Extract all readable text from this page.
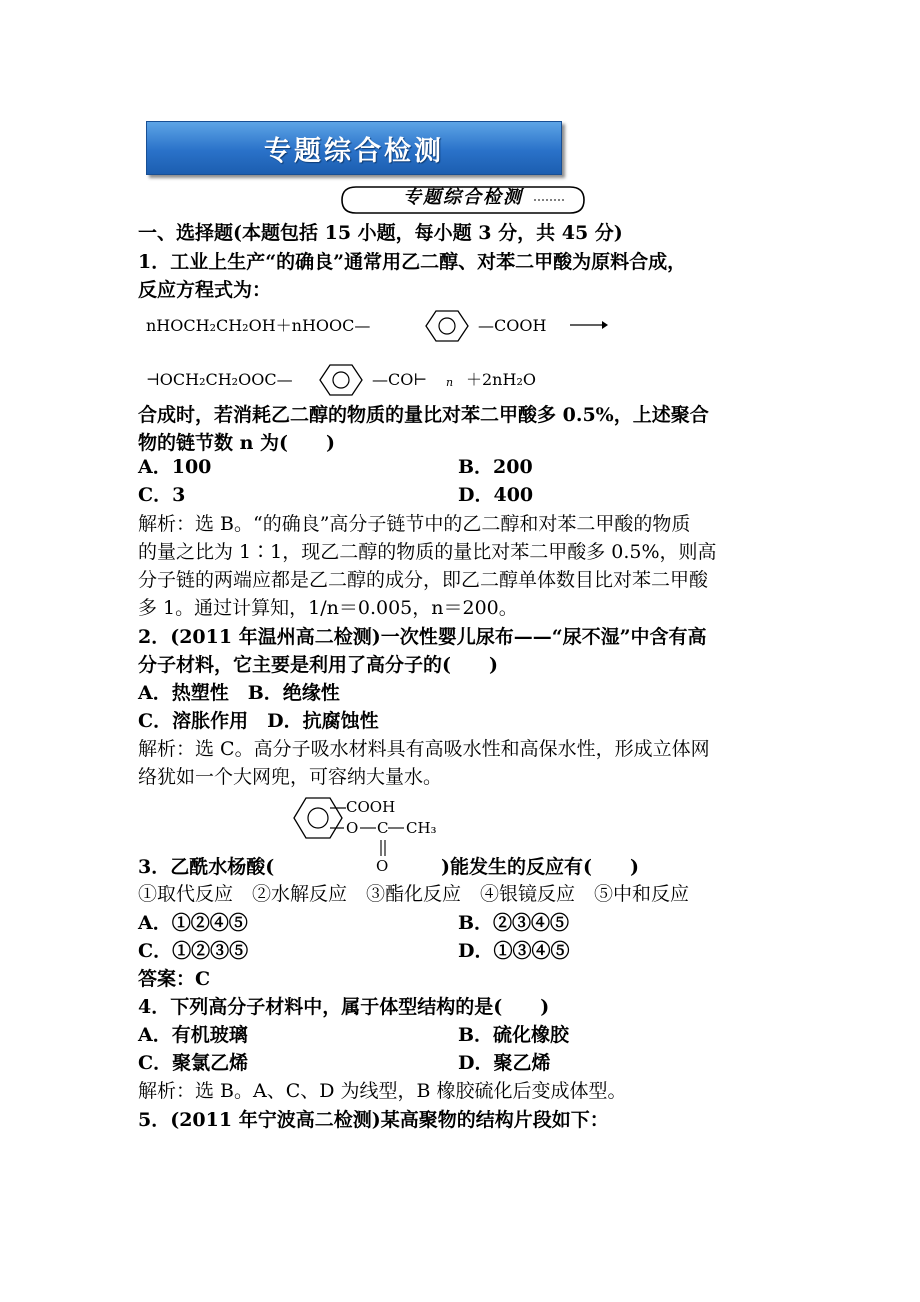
专题综合检测
专题综合检测
一、选择题(本题包括 15 小题，每小题 3 分，共 45 分)
1．工业上生产“的确良”通常用乙二醇、对苯二甲酸为原料合成，
反应方程式为：
nHOCH₂CH₂OH＋nHOOC—	—COOH →
⊣OCH₂CH₂OOC—	—CO⊢ n ＋2nH₂O
合成时，若消耗乙二醇的物质的量比对苯二甲酸多 0.5%，上述聚合
物的链节数 n 为(　　)
A．100	B．200
C．3	D．400
解析：选 B。“的确良”高分子链节中的乙二醇和对苯二甲酸的物质
的量之比为 1∶1，现乙二醇的物质的量比对苯二甲酸多 0.5%，则高
分子链的两端应都是乙二醇的成分，即乙二醇单体数目比对苯二甲酸
多 1。通过计算知，1/n＝0.005，n＝200。
2．(2011 年温州高二检测)一次性婴儿尿布——“尿不湿”中含有高
分子材料，它主要是利用了高分子的(　　)
A．热塑性　B．绝缘性
C．溶胀作用　D．抗腐蚀性
解析：选 C。高分子吸水材料具有高吸水性和高保水性，形成立体网
络犹如一个大网兜，可容纳大量水。
COOH
O C CH₃
O
3．乙酰水杨酸(	)能发生的反应有(　　)
①取代反应　②水解反应　③酯化反应　④银镜反应　⑤中和反应
A．①②④⑤	B．②③④⑤
C．①②③⑤	D．①③④⑤
答案：C
4．下列高分子材料中，属于体型结构的是(　　)
A．有机玻璃	B．硫化橡胶
C．聚氯乙烯	D．聚乙烯
解析：选 B。A、C、D 为线型，B 橡胶硫化后变成体型。
5．(2011 年宁波高二检测)某高聚物的结构片段如下：
